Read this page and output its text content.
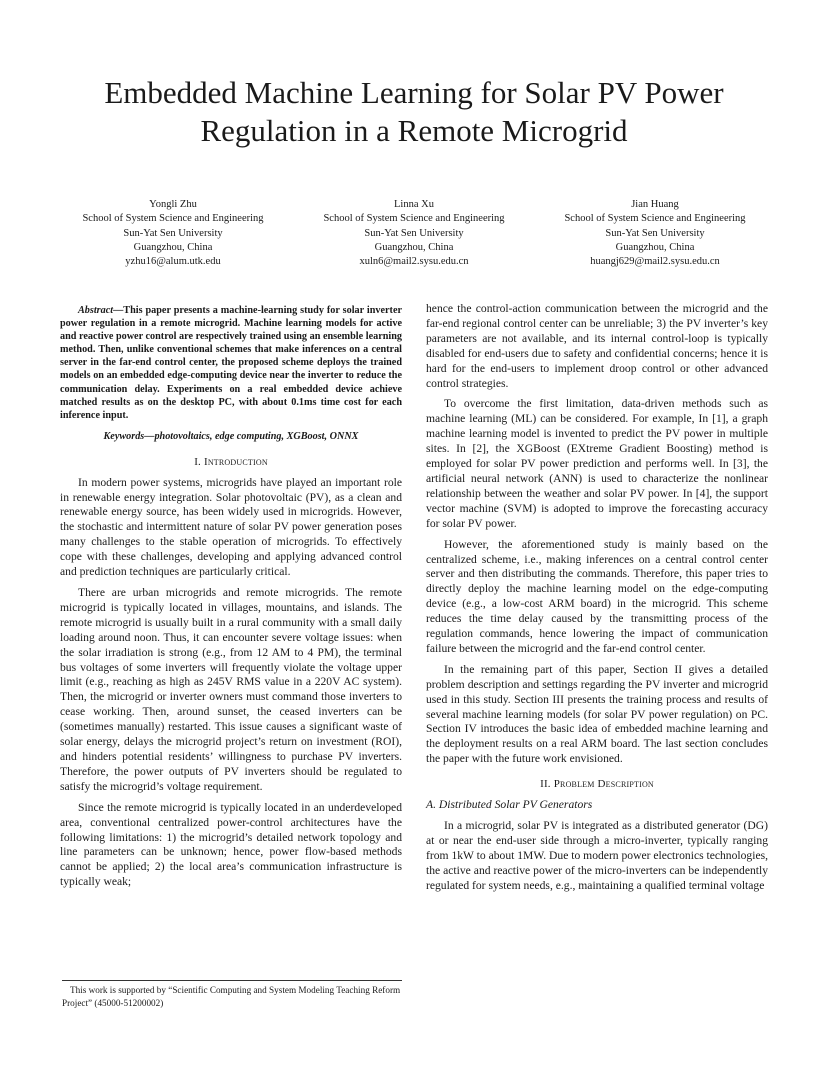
Embedded Machine Learning for Solar PV Power
Regulation in a Remote Microgrid
Yongli Zhu
School of System Science and Engineering
Sun-Yat Sen University
Guangzhou, China
yzhu16@alum.utk.edu
Linna Xu
School of System Science and Engineering
Sun-Yat Sen University
Guangzhou, China
xuln6@mail2.sysu.edu.cn
Jian Huang
School of System Science and Engineering
Sun-Yat Sen University
Guangzhou, China
huangj629@mail2.sysu.edu.cn

Abstract—This paper presents a machine-learning study for solar inverter power regulation in a remote microgrid. Machine learning models for active and reactive power control are respectively trained using an ensemble learning method. Then, unlike conventional schemes that make inferences on a central server in the far-end control center, the proposed scheme deploys the trained models on an embedded edge-computing device near the inverter to reduce the communication delay. Experiments on a real embedded device achieve matched results as on the desktop PC, with about 0.1ms time cost for each inference input.

Keywords—photovoltaics, edge computing, XGBoost, ONNX

I. Introduction

In modern power systems, microgrids have played an important role in renewable energy integration. Solar photovoltaic (PV), as a clean and renewable energy source, has been widely used in microgrids. However, the stochastic and intermittent nature of solar PV power generation poses many challenges to the stable operation of microgrids. To effectively cope with these challenges, developing and applying advanced control and prediction techniques are particularly critical.

There are urban microgrids and remote microgrids. The remote microgrid is typically located in villages, mountains, and islands. The remote microgrid is usually built in a rural community with a small daily loading around noon. Thus, it can encounter severe voltage issues: when the solar irradiation is strong (e.g., from 12 AM to 4 PM), the terminal bus voltages of some inverters will frequently violate the voltage upper limit (e.g., reaching as high as 245V RMS value in a 220V AC system). Then, the microgrid or inverter owners must command those inverters to cease working. Then, around sunset, the ceased inverters can be (sometimes manually) restarted. This issue causes a significant waste of solar energy, delays the microgrid project’s return on investment (ROI), and hinders potential residents’ willingness to purchase PV inverters. Therefore, the power outputs of PV inverters should be regulated to satisfy the microgrid’s voltage requirement.

Since the remote microgrid is typically located in an underdeveloped area, conventional centralized power-control architectures have the following limitations: 1) the microgrid’s detailed network topology and line parameters can be unknown; hence, power flow-based methods cannot be applied; 2) the local area’s communication infrastructure is typically weak;

hence the control-action communication between the microgrid and the far-end regional control center can be unreliable; 3) the PV inverter’s key parameters are not available, and its internal control-loop is typically disabled for end-users due to safety and confidential concerns; hence it is hard for the end-users to implement droop control or other advanced control strategies.

To overcome the first limitation, data-driven methods such as machine learning (ML) can be considered. For example, In [1], a graph machine learning model is invented to predict the PV power in multiple sites. In [2], the XGBoost (EXtreme Gradient Boosting) method is employed for solar PV power prediction and performs well. In [3], the artificial neural network (ANN) is used to characterize the nonlinear relationship between the weather and solar PV power. In [4], the support vector machine (SVM) is adopted to improve the forecasting accuracy for solar PV power.

However, the aforementioned study is mainly based on the centralized scheme, i.e., making inferences on a central control center server and then distributing the commands. Therefore, this paper tries to directly deploy the machine learning model on the edge-computing device (e.g., a low-cost ARM board) in the microgrid. This scheme reduces the time delay caused by the transmitting process of the regulation commands, hence lowering the impact of communication failure between the microgrid and the far-end control center.

In the remaining part of this paper, Section II gives a detailed problem description and settings regarding the PV inverter and microgrid used in this study. Section III presents the training process and results of several machine learning models (for solar PV power regulation) on PC. Section IV introduces the basic idea of embedded machine learning and the deployment results on a real ARM board. The last section concludes the paper with the future work envisioned.

II. Problem Description

A. Distributed Solar PV Generators

In a microgrid, solar PV is integrated as a distributed generator (DG) at or near the end-user side through a micro-inverter, typically ranging from 1kW to about 1MW. Due to modern power electronics technologies, the active and reactive power of the micro-inverters can be independently regulated for system needs, e.g., maintaining a qualified terminal voltage

This work is supported by “Scientific Computing and System Modeling Teaching Reform Project” (45000-51200002)
